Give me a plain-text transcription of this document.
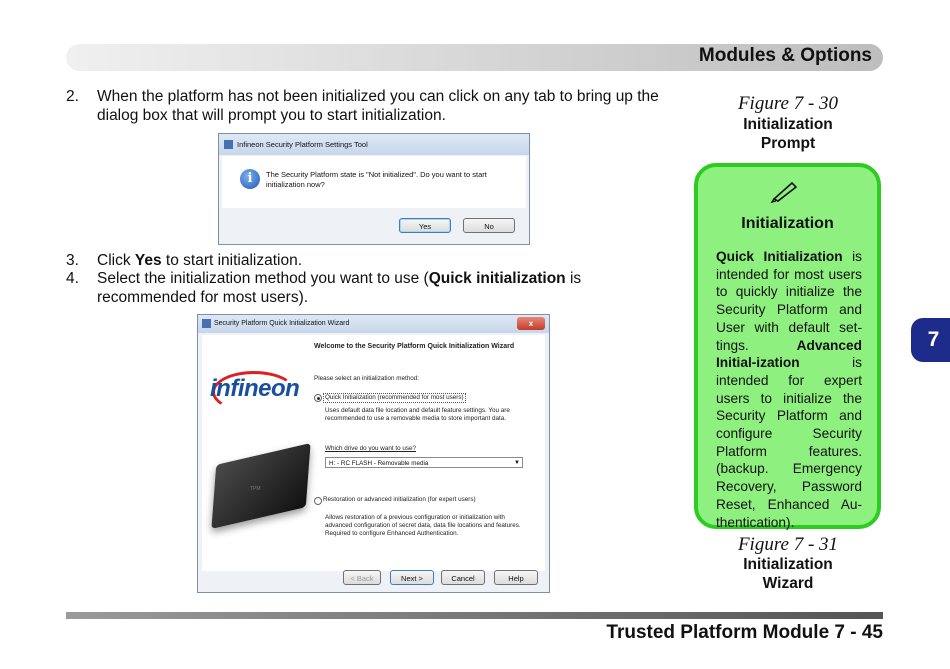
Modules & Options
2. When the platform has not been initialized you can click on any tab to bring up the
dialog box that will prompt you to start initialization.
Infineon Security Platform Settings Tool
i	The Security Platform state is "Not initialized". Do you want to start initialization now?
Yes	No
3. Click Yes to start initialization.
4. Select the initialization method you want to use (Quick initialization is
recommended for most users).
Security Platform Quick Initialization Wizard	x
infineon
TPM
Welcome to the Security Platform Quick Initialization Wizard
Please select an initialization method:
Quick Initialization (recommended for most users)
Uses default data file location and default feature settings. You are recommended to use a removable media to store important data.
Which drive do you want to use?
H: - RC FLASH - Removable media	▼
Restoration or advanced initialization (for expert users)
Allows restoration of a previous configuration or initialization with advanced configuration of secret data, data file locations and features. Required to configure Enhanced Authentication.
< Back	Next >	Cancel	Help
Figure 7 - 30
Initialization
Prompt
Initialization
Quick Initialization is intended for most users to quickly initialize the Security Platform and User with default set-tings. Advanced Initial-ization is intended for expert users to initialize the Security Platform and configure Security Platform features. (backup. Emergency Recovery, Password Reset, Enhanced Au-thentication).
Figure 7 - 31
Initialization
Wizard
7
Trusted Platform Module 7 - 45
